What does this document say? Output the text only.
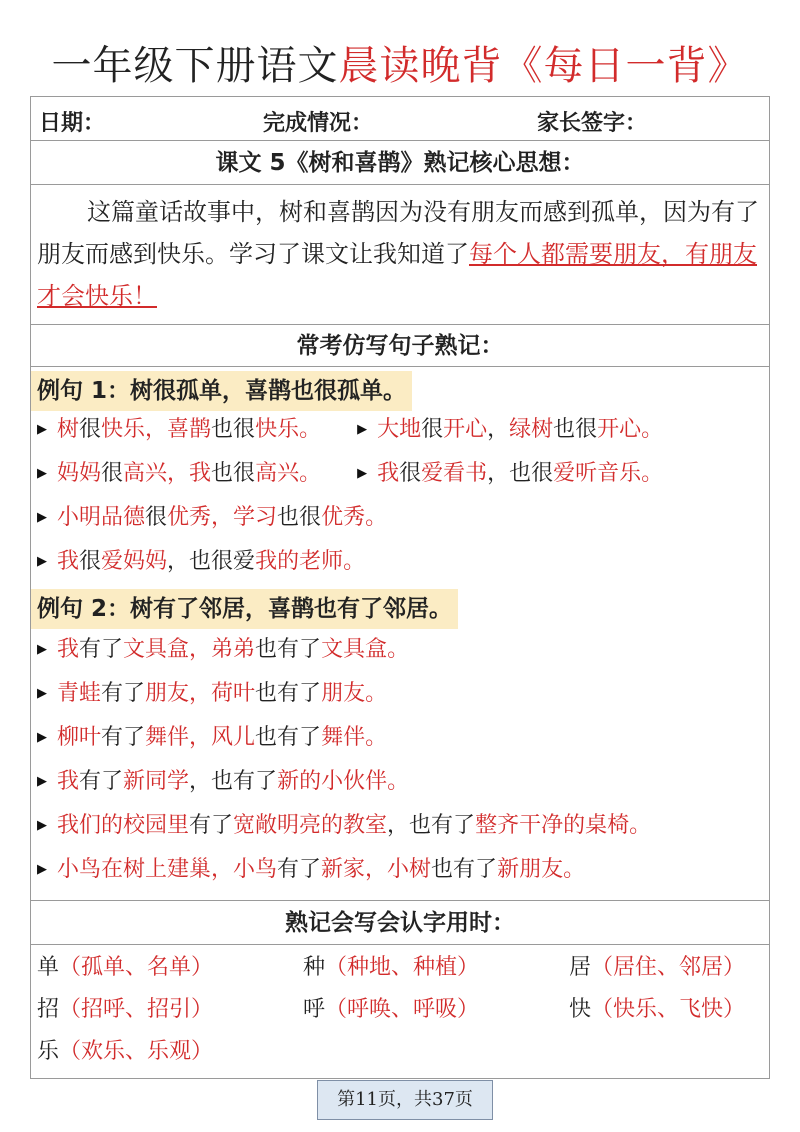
一年级下册语文晨读晚背《每日一背》
日期：	完成情况：	家长签字：
课文 5《树和喜鹊》熟记核心思想：

这篇童话故事中，树和喜鹊因为没有朋友而感到孤单，因为有了朋友而感到快乐。学习了课文让我知道了每个人都需要朋友，有朋友才会快乐！

常考仿写句子熟记：
例句 1：树很孤单，喜鹊也很孤单。
▶ 树很快乐，喜鹊也很快乐。	▶ 大地很开心，绿树也很开心。
▶ 妈妈很高兴，我也很高兴。	▶ 我很爱看书，也很爱听音乐。
▶ 小明品德很优秀，学习也很优秀。
▶ 我很爱妈妈，也很爱我的老师。
例句 2：树有了邻居，喜鹊也有了邻居。
▶ 我有了文具盒，弟弟也有了文具盒。
▶ 青蛙有了朋友，荷叶也有了朋友。
▶ 柳叶有了舞伴，风儿也有了舞伴。
▶ 我有了新同学，也有了新的小伙伴。
▶ 我们的校园里有了宽敞明亮的教室，也有了整齐干净的桌椅。
▶ 小鸟在树上建巢，小鸟有了新家，小树也有了新朋友。
熟记会写会认字用时：
单（孤单、名单）	种（种地、种植）	居（居住、邻居）
招（招呼、招引）	呼（呼唤、呼吸）	快（快乐、飞快）
乐（欢乐、乐观）
第11页，共37页
